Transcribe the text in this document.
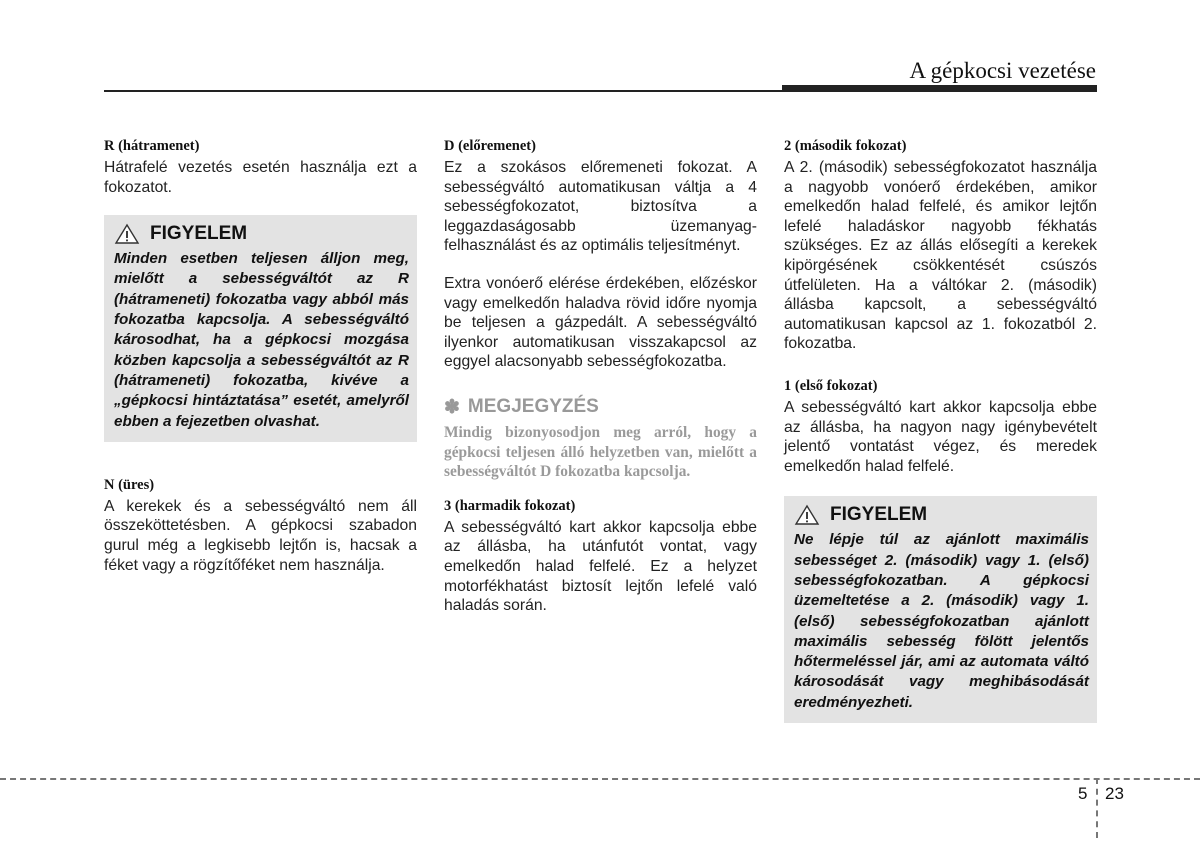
A gépkocsi vezetése
R (hátramenet)

Hátrafelé vezetés esetén használja ezt a fokozatot.

FIGYELEM

Minden esetben teljesen álljon meg, mielőtt a sebességváltót az R (hátrameneti) fokozatba vagy abból más fokozatba kapcsolja. A sebességváltó károsodhat, ha a gépkocsi mozgása közben kapcsolja a sebességváltót az R (hátrameneti) fokozatba, kivéve a „gépkocsi hintáztatása” esetét, amelyről ebben a fejezetben olvashat.

N (üres)

A kerekek és a sebességváltó nem áll összeköttetésben. A gépkocsi szabadon gurul még a legkisebb lejtőn is, hacsak a féket vagy a rögzítőféket nem használja.

D (előremenet)

Ez a szokásos előremeneti fokozat. A sebességváltó automatikusan váltja a 4 sebességfokozatot, biztosítva a leggazdaságosabb üzemanyag-felhasználást és az optimális teljesítményt.

Extra vonóerő elérése érdekében, előzéskor vagy emelkedőn haladva rövid időre nyomja be teljesen a gázpedált. A sebességváltó ilyenkor automatikusan visszakapcsol az eggyel alacsonyabb sebességfokozatba.

✽ MEGJEGYZÉS

Mindig bizonyosodjon meg arról, hogy a gépkocsi teljesen álló helyzetben van, mielőtt a sebességváltót D fokozatba kapcsolja.

3 (harmadik fokozat)

A sebességváltó kart akkor kapcsolja ebbe az állásba, ha utánfutót vontat, vagy emelkedőn halad felfelé. Ez a helyzet motorfékhatást biztosít lejtőn lefelé való haladás során.

2 (második fokozat)

A 2. (második) sebességfokozatot használja a nagyobb vonóerő érdekében, amikor emelkedőn halad felfelé, és amikor lejtőn lefelé haladáskor nagyobb fékhatás szükséges. Ez az állás elősegíti a kerekek kipörgésének csökkentését csúszós útfelületen. Ha a váltókar 2. (második) állásba kapcsolt, a sebességváltó automatikusan kapcsol az 1. fokozatból 2. fokozatba.

1 (első fokozat)

A sebességváltó kart akkor kapcsolja ebbe az állásba, ha nagyon nagy igénybevételt jelentő vontatást végez, és meredek emelkedőn halad felfelé.

FIGYELEM

Ne lépje túl az ajánlott maximális sebességet 2. (második) vagy 1. (első) sebességfokozatban. A gépkocsi üzemeltetése a 2. (második) vagy 1. (első) sebességfokozatban ajánlott maximális sebesség fölött jelentős hőtermeléssel jár, ami az automata váltó károsodását vagy meghibásodását eredményezheti.

5 23
